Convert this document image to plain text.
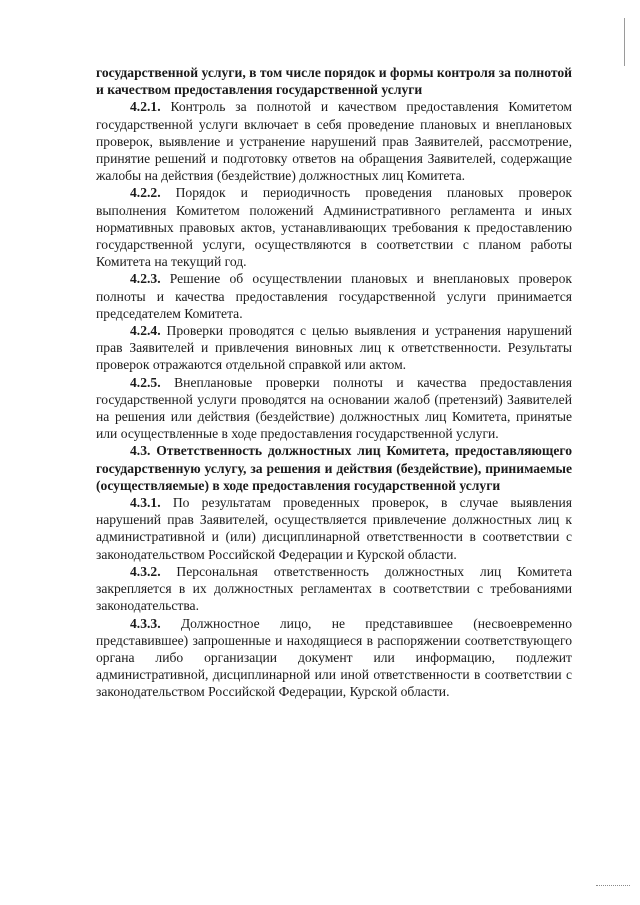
государственной услуги, в том числе порядок и формы контроля за полнотой и качеством предоставления государственной услуги

4.2.1. Контроль за полнотой и качеством предоставления Комитетом государственной услуги включает в себя проведение плановых и внеплановых проверок, выявление и устранение нарушений прав Заявителей, рассмотрение, принятие решений и подготовку ответов на обращения Заявителей, содержащие жалобы на действия (бездействие) должностных лиц Комитета.

4.2.2. Порядок и периодичность проведения плановых проверок выполнения Комитетом положений Административного регламента и иных нормативных правовых актов, устанавливающих требования к предоставлению государственной услуги, осуществляются в соответствии с планом работы Комитета на текущий год.

4.2.3. Решение об осуществлении плановых и внеплановых проверок полноты и качества предоставления государственной услуги принимается председателем Комитета.

4.2.4. Проверки проводятся с целью выявления и устранения нарушений прав Заявителей и привлечения виновных лиц к ответственности. Результаты проверок отражаются отдельной справкой или актом.

4.2.5. Внеплановые проверки полноты и качества предоставления государственной услуги проводятся на основании жалоб (претензий) Заявителей на решения или действия (бездействие) должностных лиц Комитета, принятые или осуществленные в ходе предоставления государственной услуги.

4.3. Ответственность должностных лиц Комитета, предоставляющего государственную услугу, за решения и действия (бездействие), принимаемые (осуществляемые) в ходе предоставления государственной услуги

4.3.1. По результатам проведенных проверок, в случае выявления нарушений прав Заявителей, осуществляется привлечение должностных лиц к административной и (или) дисциплинарной ответственности в соответствии с законодательством Российской Федерации и Курской области.

4.3.2. Персональная ответственность должностных лиц Комитета закрепляется в их должностных регламентах в соответствии с требованиями законодательства.

4.3.3. Должностное лицо, не представившее (несвоевременно представившее) запрошенные и находящиеся в распоряжении соответствующего органа либо организации документ или информацию, подлежит административной, дисциплинарной или иной ответственности в соответствии с законодательством Российской Федерации, Курской области.
